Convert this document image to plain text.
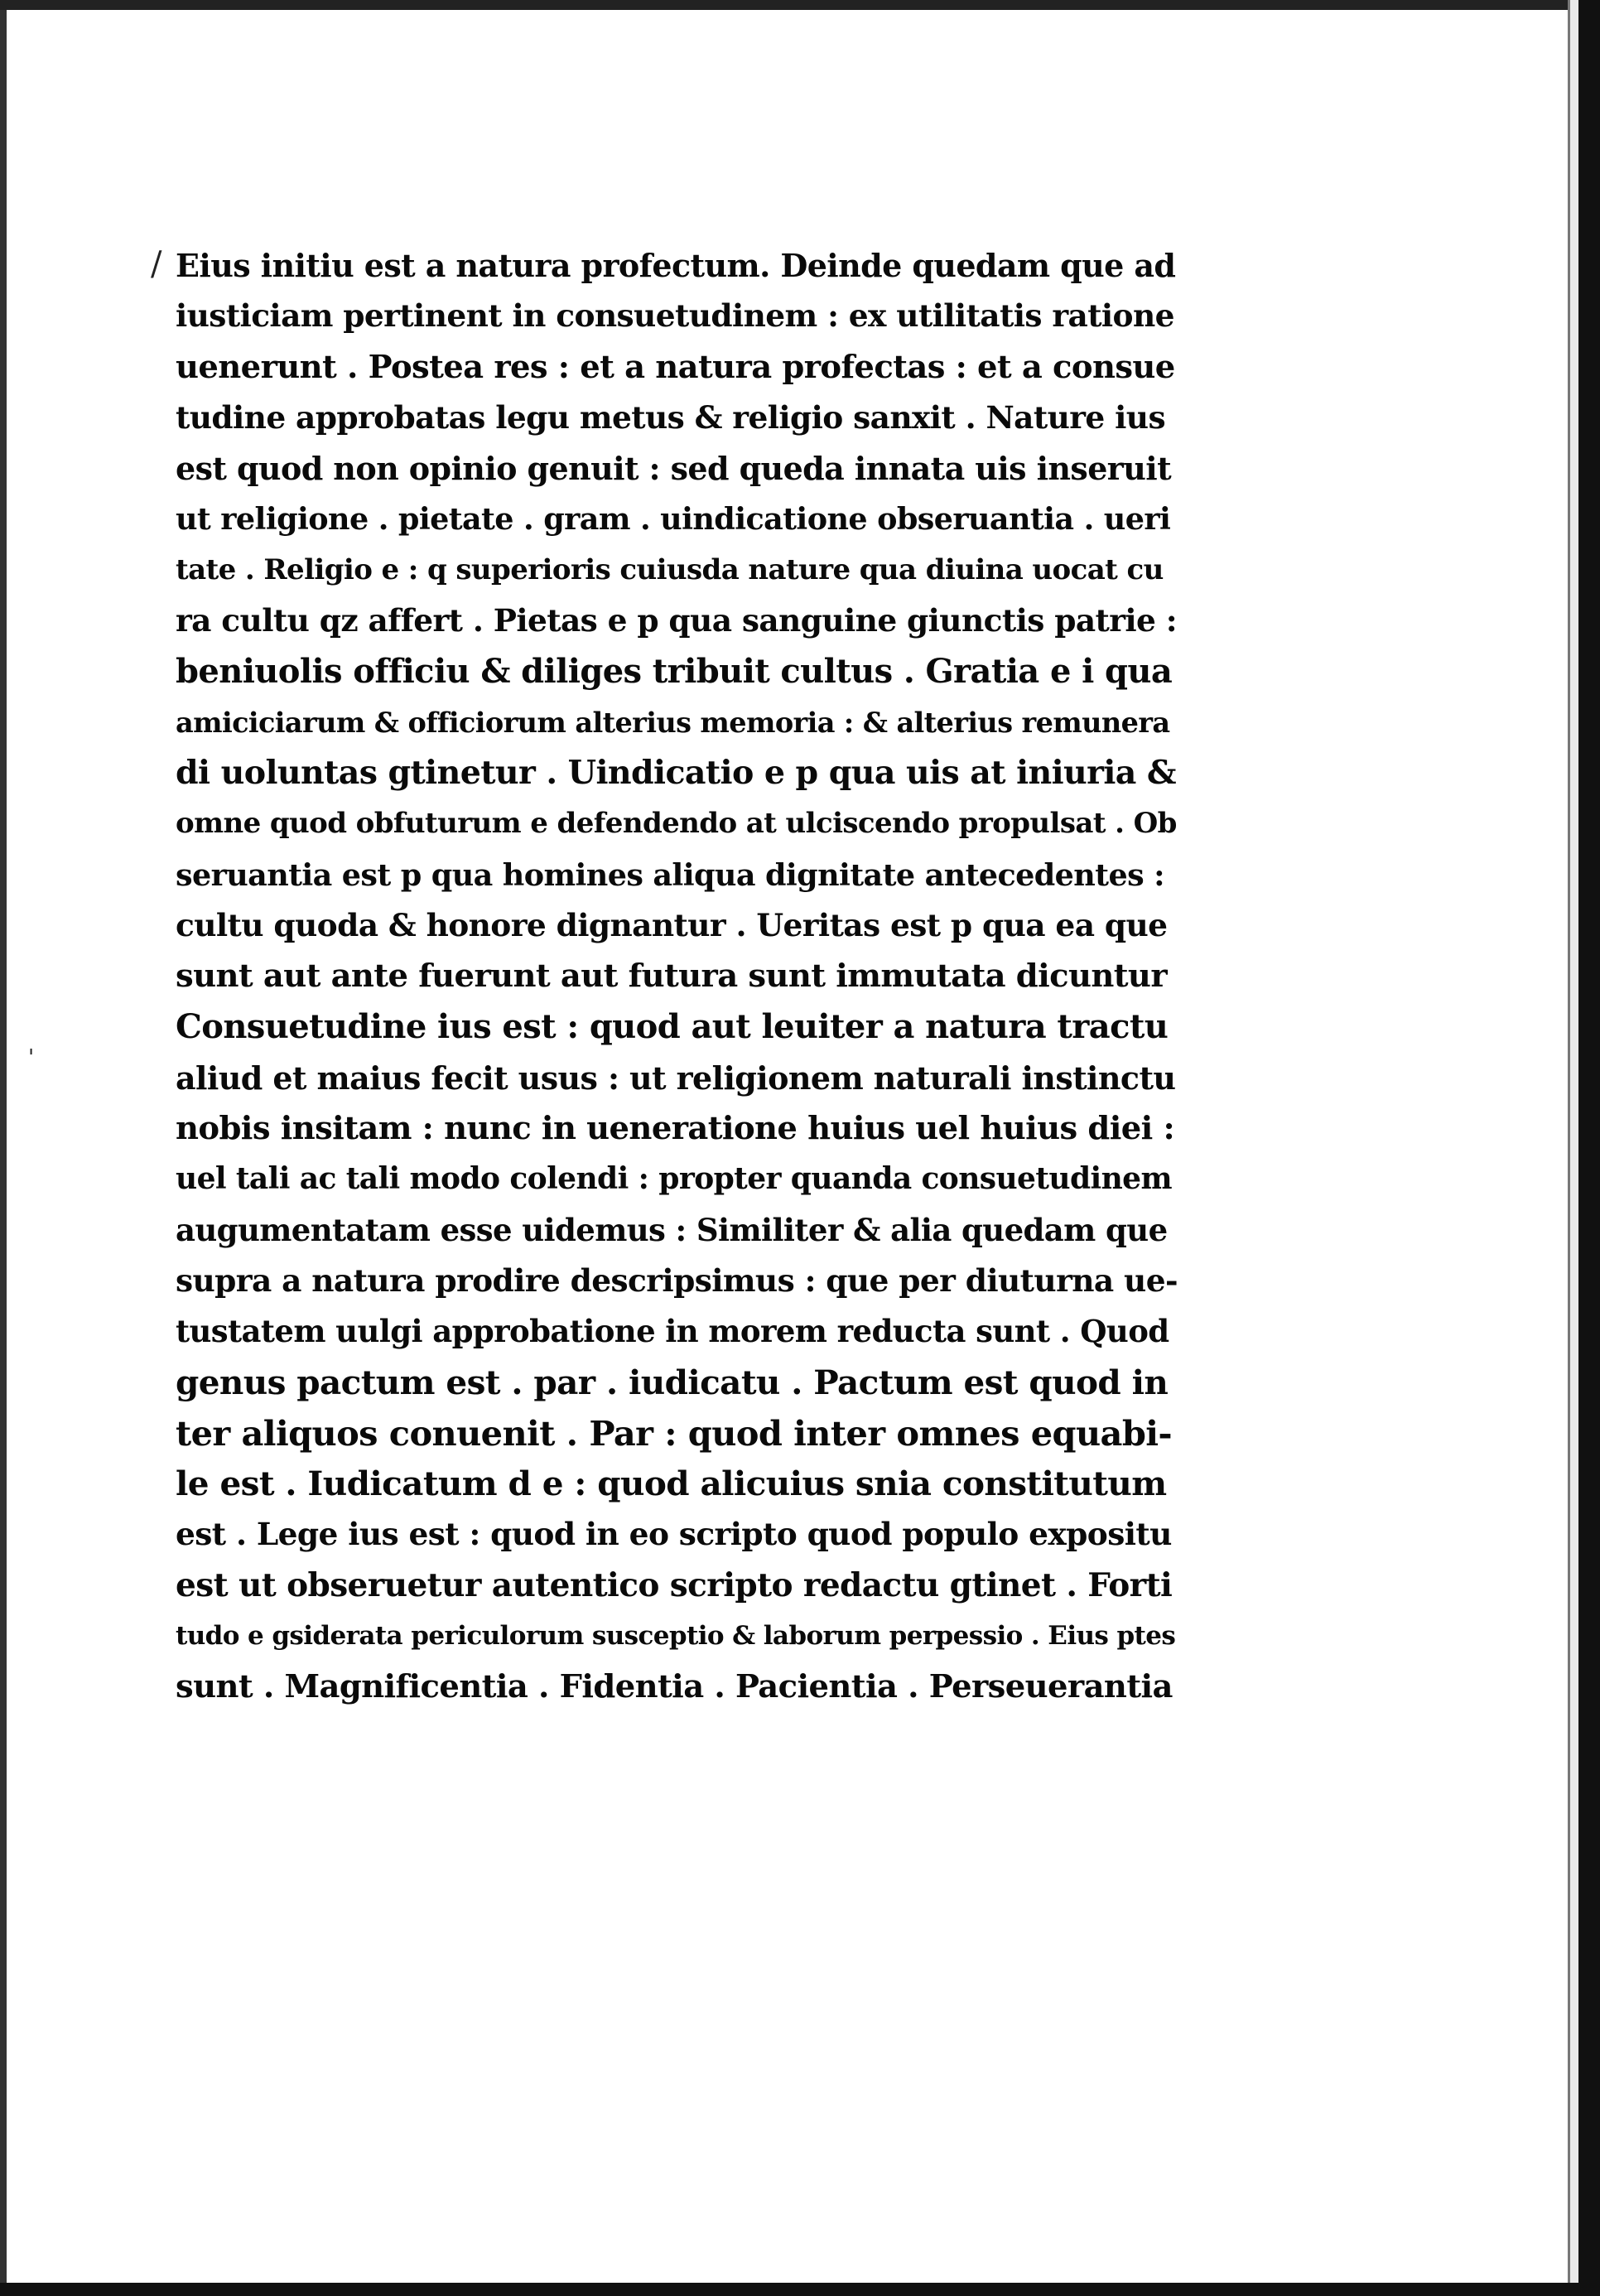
/
'
Eius initiu est a natura profectum. Deinde quedam que ad
iusticiam pertinent in consuetudinem : ex utilitatis ratione
uenerunt . Postea res : et a natura profectas : et a consue
tudine approbatas legu metus & religio sanxit . Nature ius
est quod non opinio genuit : sed queda innata uis inseruit
ut religione . pietate . gram . uindicatione obseruantia . ueri
tate . Religio e : q superioris cuiusda nature qua diuina uocat cu
ra cultu qz affert . Pietas e p qua sanguine giunctis patrie :
beniuolis officiu & diliges tribuit cultus . Gratia e i qua
amiciciarum & officiorum alterius memoria : & alterius remunera
di uoluntas gtinetur . Uindicatio e p qua uis at iniuria &
omne quod obfuturum e defendendo at ulciscendo propulsat . Ob
seruantia est p qua homines aliqua dignitate antecedentes :
cultu quoda & honore dignantur . Ueritas est p qua ea que
sunt aut ante fuerunt aut futura sunt immutata dicuntur
Consuetudine ius est : quod aut leuiter a natura tractu
aliud et maius fecit usus : ut religionem naturali instinctu
nobis insitam : nunc in ueneratione huius uel huius diei :
uel tali ac tali modo colendi : propter quanda consuetudinem
augumentatam esse uidemus : Similiter & alia quedam que
supra a natura prodire descripsimus : que per diuturna ue-
tustatem uulgi approbatione in morem reducta sunt . Quod
genus pactum est . par . iudicatu . Pactum est quod in
ter aliquos conuenit . Par : quod inter omnes equabi-
le est . Iudicatum d e : quod alicuius snia constitutum
est . Lege ius est : quod in eo scripto quod populo expositu
est ut obseruetur autentico scripto redactu gtinet . Forti
tudo e gsiderata periculorum susceptio & laborum perpessio . Eius ptes
sunt . Magnificentia . Fidentia . Pacientia . Perseuerantia
